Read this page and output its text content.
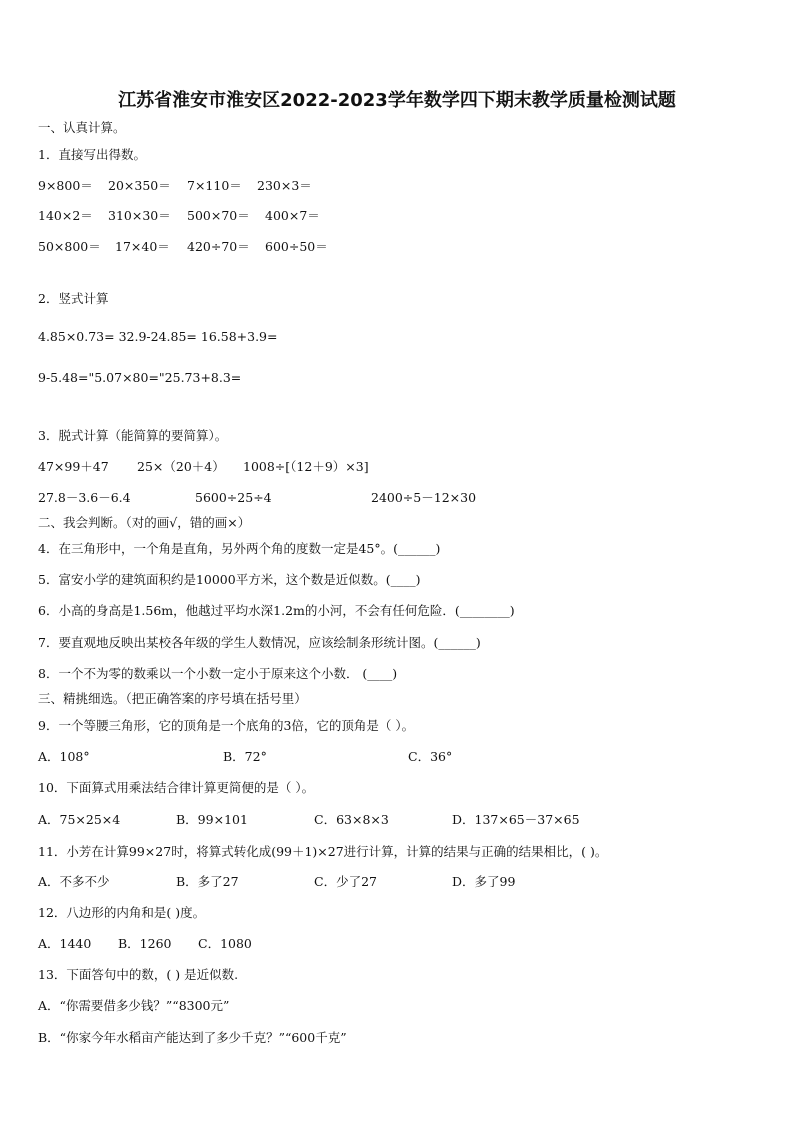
江苏省淮安市淮安区2022-2023学年数学四下期末教学质量检测试题
一、认真计算。
1．直接写出得数。
9×800＝ 20×350＝ 7×110＝ 230×3＝
140×2＝ 310×30＝ 500×70＝ 400×7＝
50×800＝ 17×40＝ 420÷70＝ 600÷50＝
2．竖式计算
4.85×0.73= 32.9-24.85= 16.58+3.9=
9-5.48="5.07×80="25.73+8.3=
3．脱式计算（能简算的要简算）。
47×99＋47 25×（20＋4） 1008÷[（12＋9）×3]
27.8－3.6－6.4	5600÷25÷4	2400÷5－12×30
二、我会判断。（对的画√，错的画×）
4．在三角形中，一个角是直角，另外两个角的度数一定是45°。(______)
5．富安小学的建筑面积约是10000平方米，这个数是近似数。(____)
6．小高的身高是1.56m，他越过平均水深1.2m的小河，不会有任何危险．(________)
7．要直观地反映出某校各年级的学生人数情况，应该绘制条形统计图。(______)
8．一个不为零的数乘以一个小数一定小于原来这个小数． (____)
三、精挑细选。（把正确答案的序号填在括号里）
9．一个等腰三角形，它的顶角是一个底角的3倍，它的顶角是（ ）。
A．108°	B．72°	C．36°
10．下面算式用乘法结合律计算更简便的是（ ）。
A．75×25×4	B．99×101	C．63×8×3	D．137×65－37×65
11．小芳在计算99×27时，将算式转化成(99＋1)×27进行计算，计算的结果与正确的结果相比，( )。
A．不多不少	B．多了27	C．少了27	D．多了99
12．八边形的内角和是( )度。
A．1440 B．1260 C．1080
13．下面答句中的数，( ) 是近似数.
A．“你需要借多少钱？”“8300元”
B．“你家今年水稻亩产能达到了多少千克？”“600千克”
